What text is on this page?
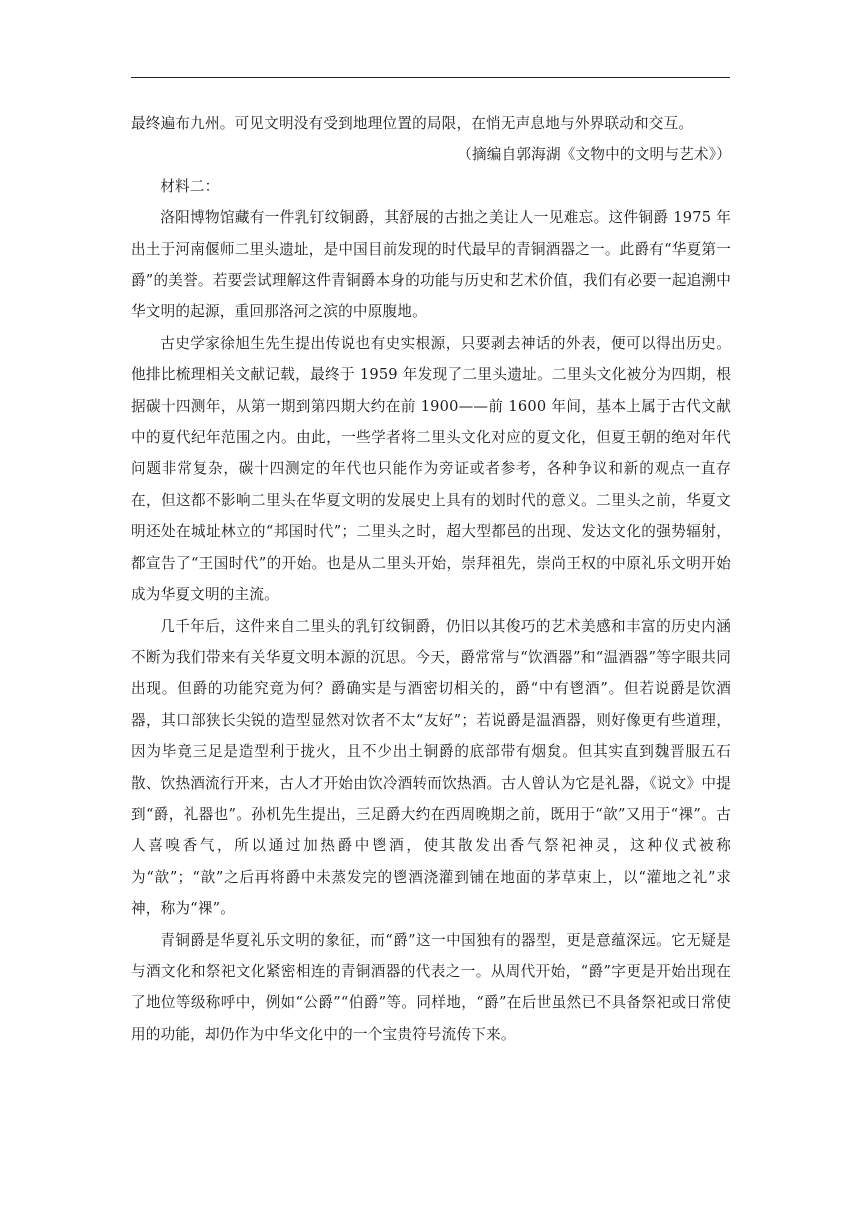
最终遍布九州。可见文明没有受到地理位置的局限，在悄无声息地与外界联动和交互。

（摘编自郭海湖《文物中的文明与艺术》）

材料二：

洛阳博物馆藏有一件乳钉纹铜爵，其舒展的古拙之美让人一见难忘。这件铜爵 1975 年出土于河南偃师二里头遗址，是中国目前发现的时代最早的青铜酒器之一。此爵有“华夏第一爵”的美誉。若要尝试理解这件青铜爵本身的功能与历史和艺术价值，我们有必要一起追溯中华文明的起源，重回那洛河之滨的中原腹地。

古史学家徐旭生先生提出传说也有史实根源，只要剥去神话的外表，便可以得出历史。他排比梳理相关文献记载，最终于 1959 年发现了二里头遗址。二里头文化被分为四期，根据碳十四测年，从第一期到第四期大约在前 1900——前 1600 年间，基本上属于古代文献中的夏代纪年范围之内。由此，一些学者将二里头文化对应的夏文化，但夏王朝的绝对年代问题非常复杂，碳十四测定的年代也只能作为旁证或者参考，各种争议和新的观点一直存在，但这都不影响二里头在华夏文明的发展史上具有的划时代的意义。二里头之前，华夏文明还处在城址林立的“邦国时代”；二里头之时，超大型都邑的出现、发达文化的强势辐射，都宣告了“王国时代”的开始。也是从二里头开始，崇拜祖先，崇尚王权的中原礼乐文明开始成为华夏文明的主流。

几千年后，这件来自二里头的乳钉纹铜爵，仍旧以其俊巧的艺术美感和丰富的历史内涵不断为我们带来有关华夏文明本源的沉思。今天，爵常常与“饮酒器”和“温酒器”等字眼共同出现。但爵的功能究竟为何？爵确实是与酒密切相关的，爵“中有鬯酒”。但若说爵是饮酒器，其口部狭长尖锐的造型显然对饮者不太“友好”；若说爵是温酒器，则好像更有些道理，因为毕竟三足是造型利于拢火，且不少出土铜爵的底部带有烟炱。但其实直到魏晋服五石散、饮热酒流行开来，古人才开始由饮冷酒转而饮热酒。古人曾认为它是礼器，《说文》中提到“爵，礼器也”。孙机先生提出，三足爵大约在西周晚期之前，既用于“歆”又用于“祼”。古人喜嗅香气，所以通过加热爵中鬯酒，使其散发出香气祭祀神灵，这种仪式被称为“歆”；“歆”之后再将爵中未蒸发完的鬯酒浇灌到铺在地面的茅草束上，以“灌地之礼”求神，称为“祼”。

青铜爵是华夏礼乐文明的象征，而“爵”这一中国独有的器型，更是意蕴深远。它无疑是与酒文化和祭祀文化紧密相连的青铜酒器的代表之一。从周代开始，“爵”字更是开始出现在了地位等级称呼中，例如“公爵”“伯爵”等。同样地，“爵”在后世虽然已不具备祭祀或日常使用的功能，却仍作为中华文化中的一个宝贵符号流传下来。
